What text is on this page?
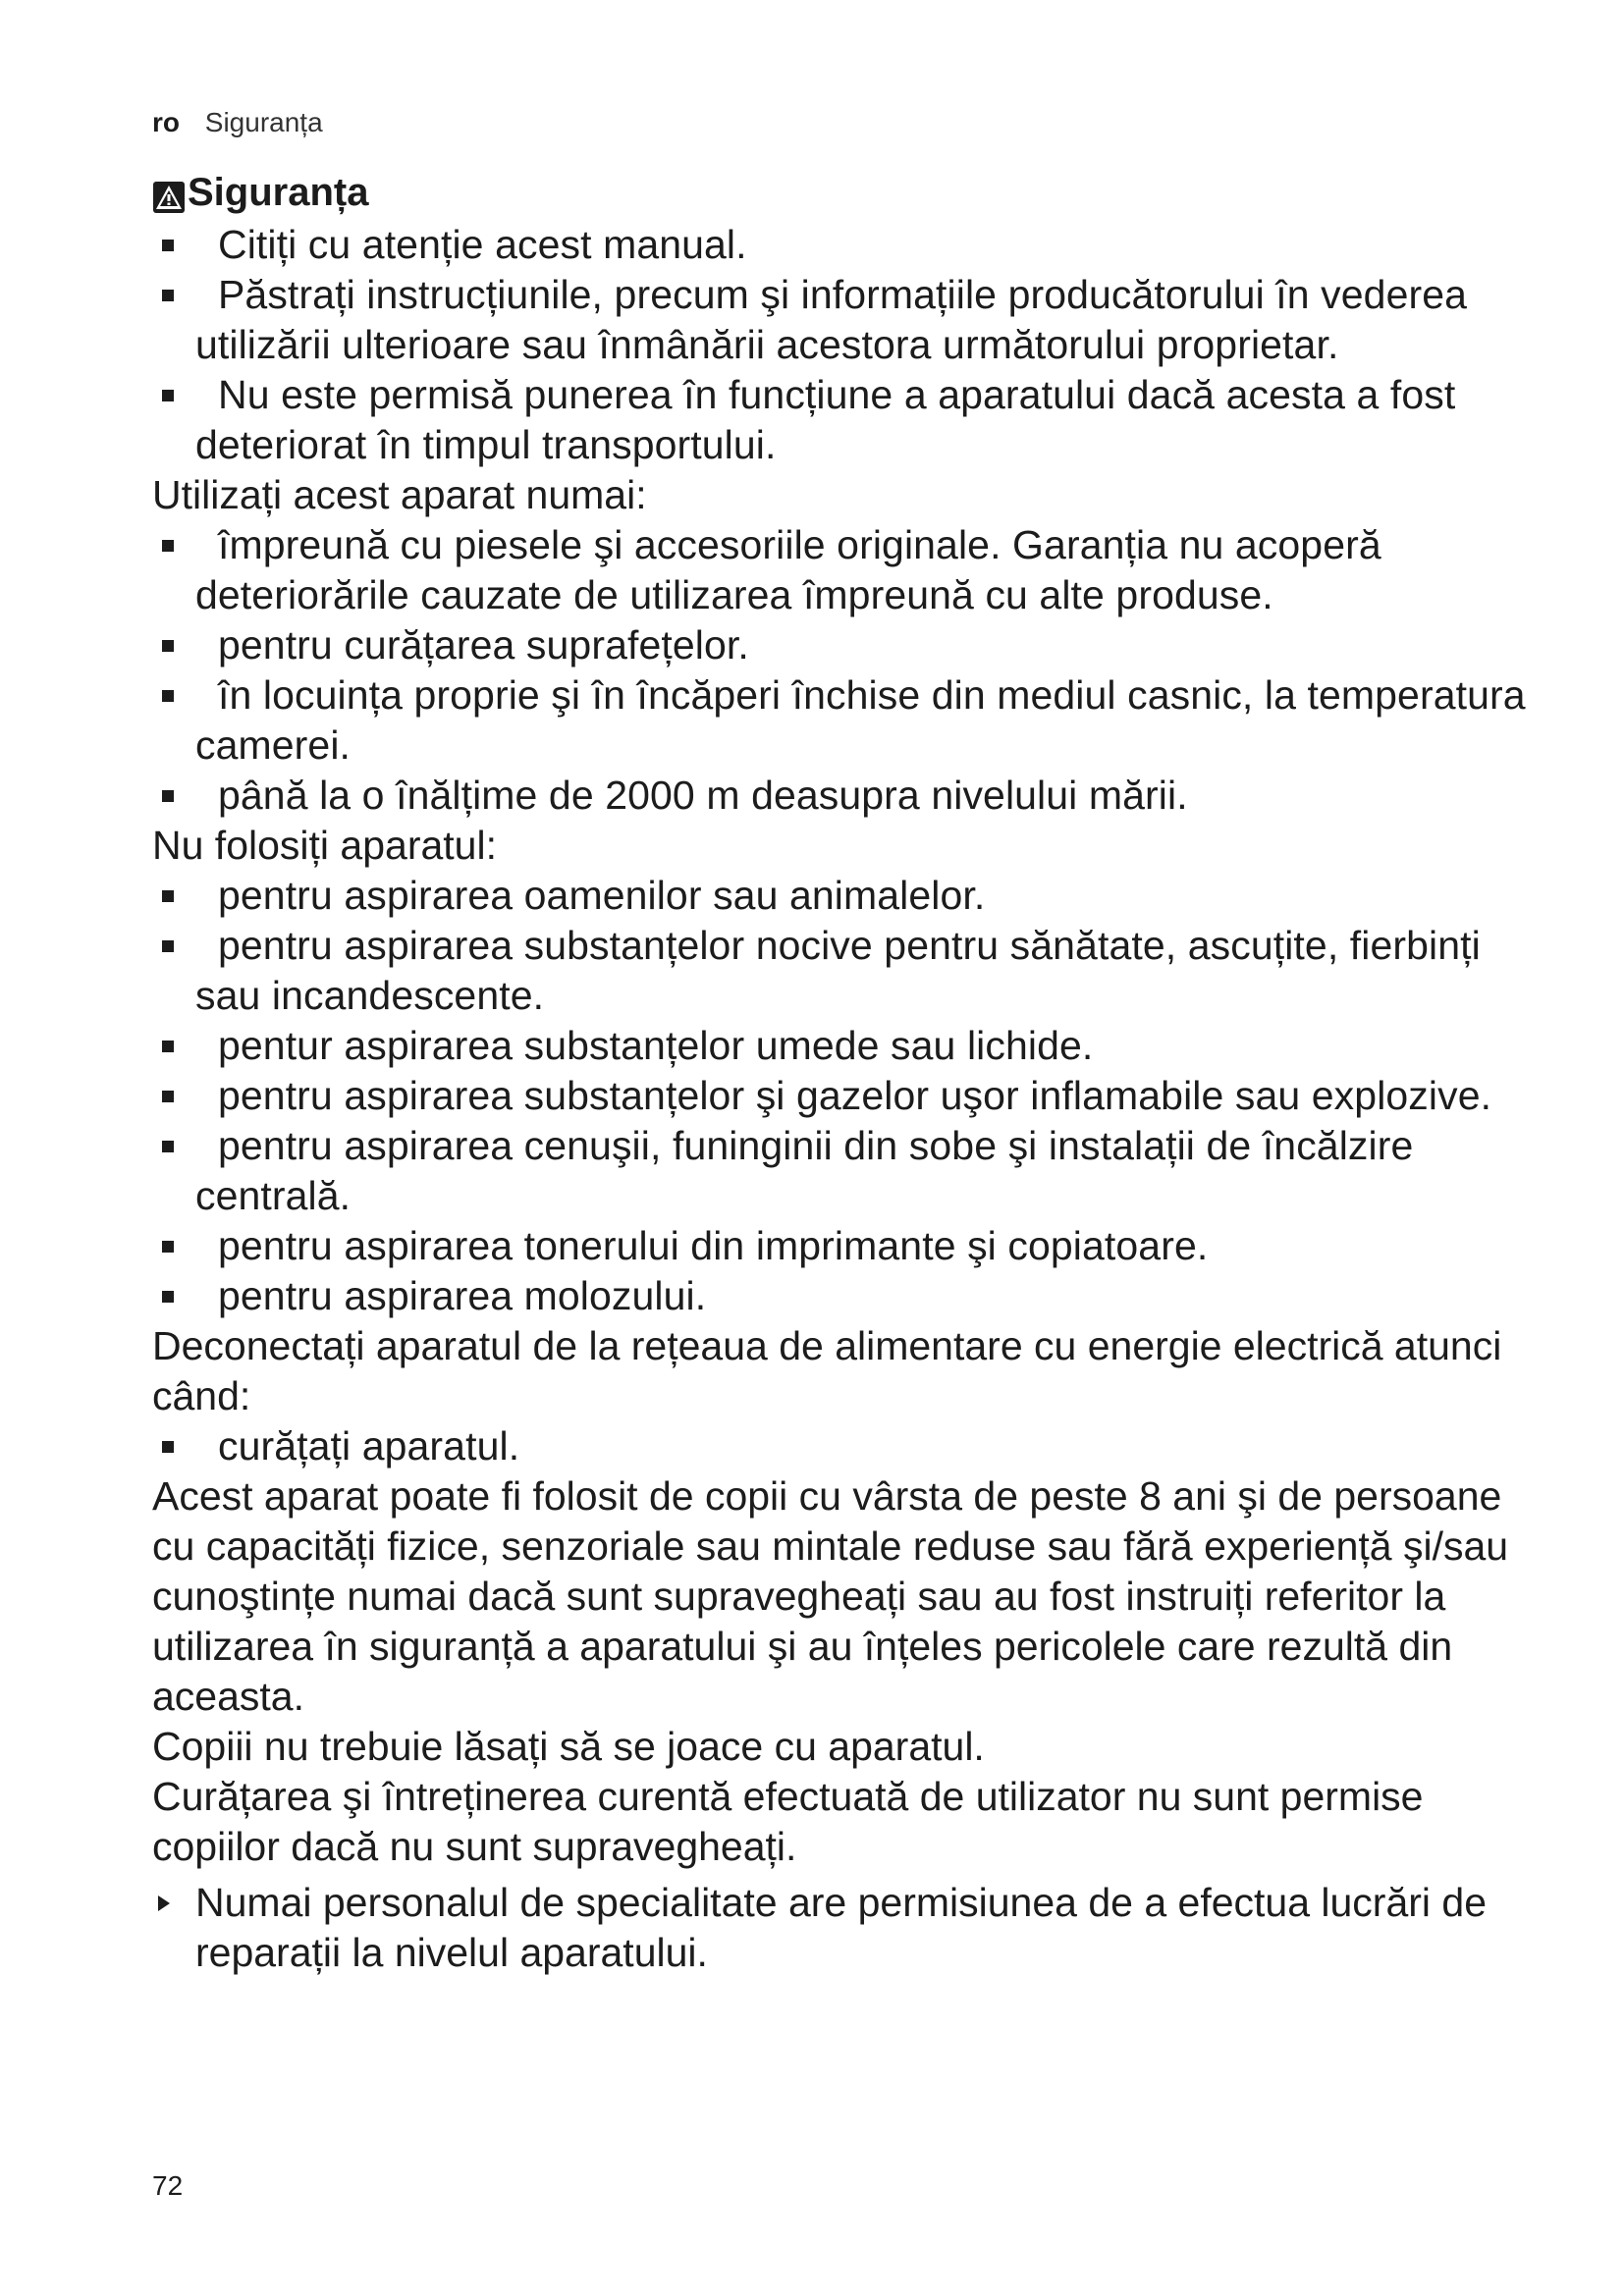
ro Siguranța
Siguranța
Citiți cu atenție acest manual.
Păstrați instrucțiunile, precum şi informațiile producătorului în vederea utilizării ulterioare sau înmânării acestora următorului proprietar.
Nu este permisă punerea în funcțiune a aparatului dacă acesta a fost deteriorat în timpul transportului.

Utilizați acest aparat numai:

împreună cu piesele şi accesoriile originale. Garanția nu acoperă deteriorările cauzate de utilizarea împreună cu alte produse.
pentru curățarea suprafețelor.
în locuința proprie şi în încăperi închise din mediul casnic, la temperatura camerei.
până la o înălțime de 2000 m deasupra nivelului mării.

Nu folosiți aparatul:

pentru aspirarea oamenilor sau animalelor.
pentru aspirarea substanțelor nocive pentru sănătate, ascuțite, fierbinți sau incandescente.
pentur aspirarea substanțelor umede sau lichide.
pentru aspirarea substanțelor şi gazelor uşor inflamabile sau explozive.
pentru aspirarea cenuşii, funinginii din sobe şi instalații de încălzire centrală.
pentru aspirarea tonerului din imprimante şi copiatoare.
pentru aspirarea molozului.

Deconectați aparatul de la rețeaua de alimentare cu energie electrică atunci când:

curățați aparatul.

Acest aparat poate fi folosit de copii cu vârsta de peste 8 ani şi de persoane cu capacități fizice, senzoriale sau mintale reduse sau fără experiență şi/sau cunoştințe numai dacă sunt supravegheați sau au fost instruiți referitor la utilizarea în siguranță a aparatului şi au înțeles pericolele care rezultă din aceasta.

Copiii nu trebuie lăsați să se joace cu aparatul.

Curățarea şi întreținerea curentă efectuată de utilizator nu sunt permise copiilor dacă nu sunt supravegheați.

Numai personalul de specialitate are permisiunea de a efectua lucrări de reparații la nivelul aparatului.
72
